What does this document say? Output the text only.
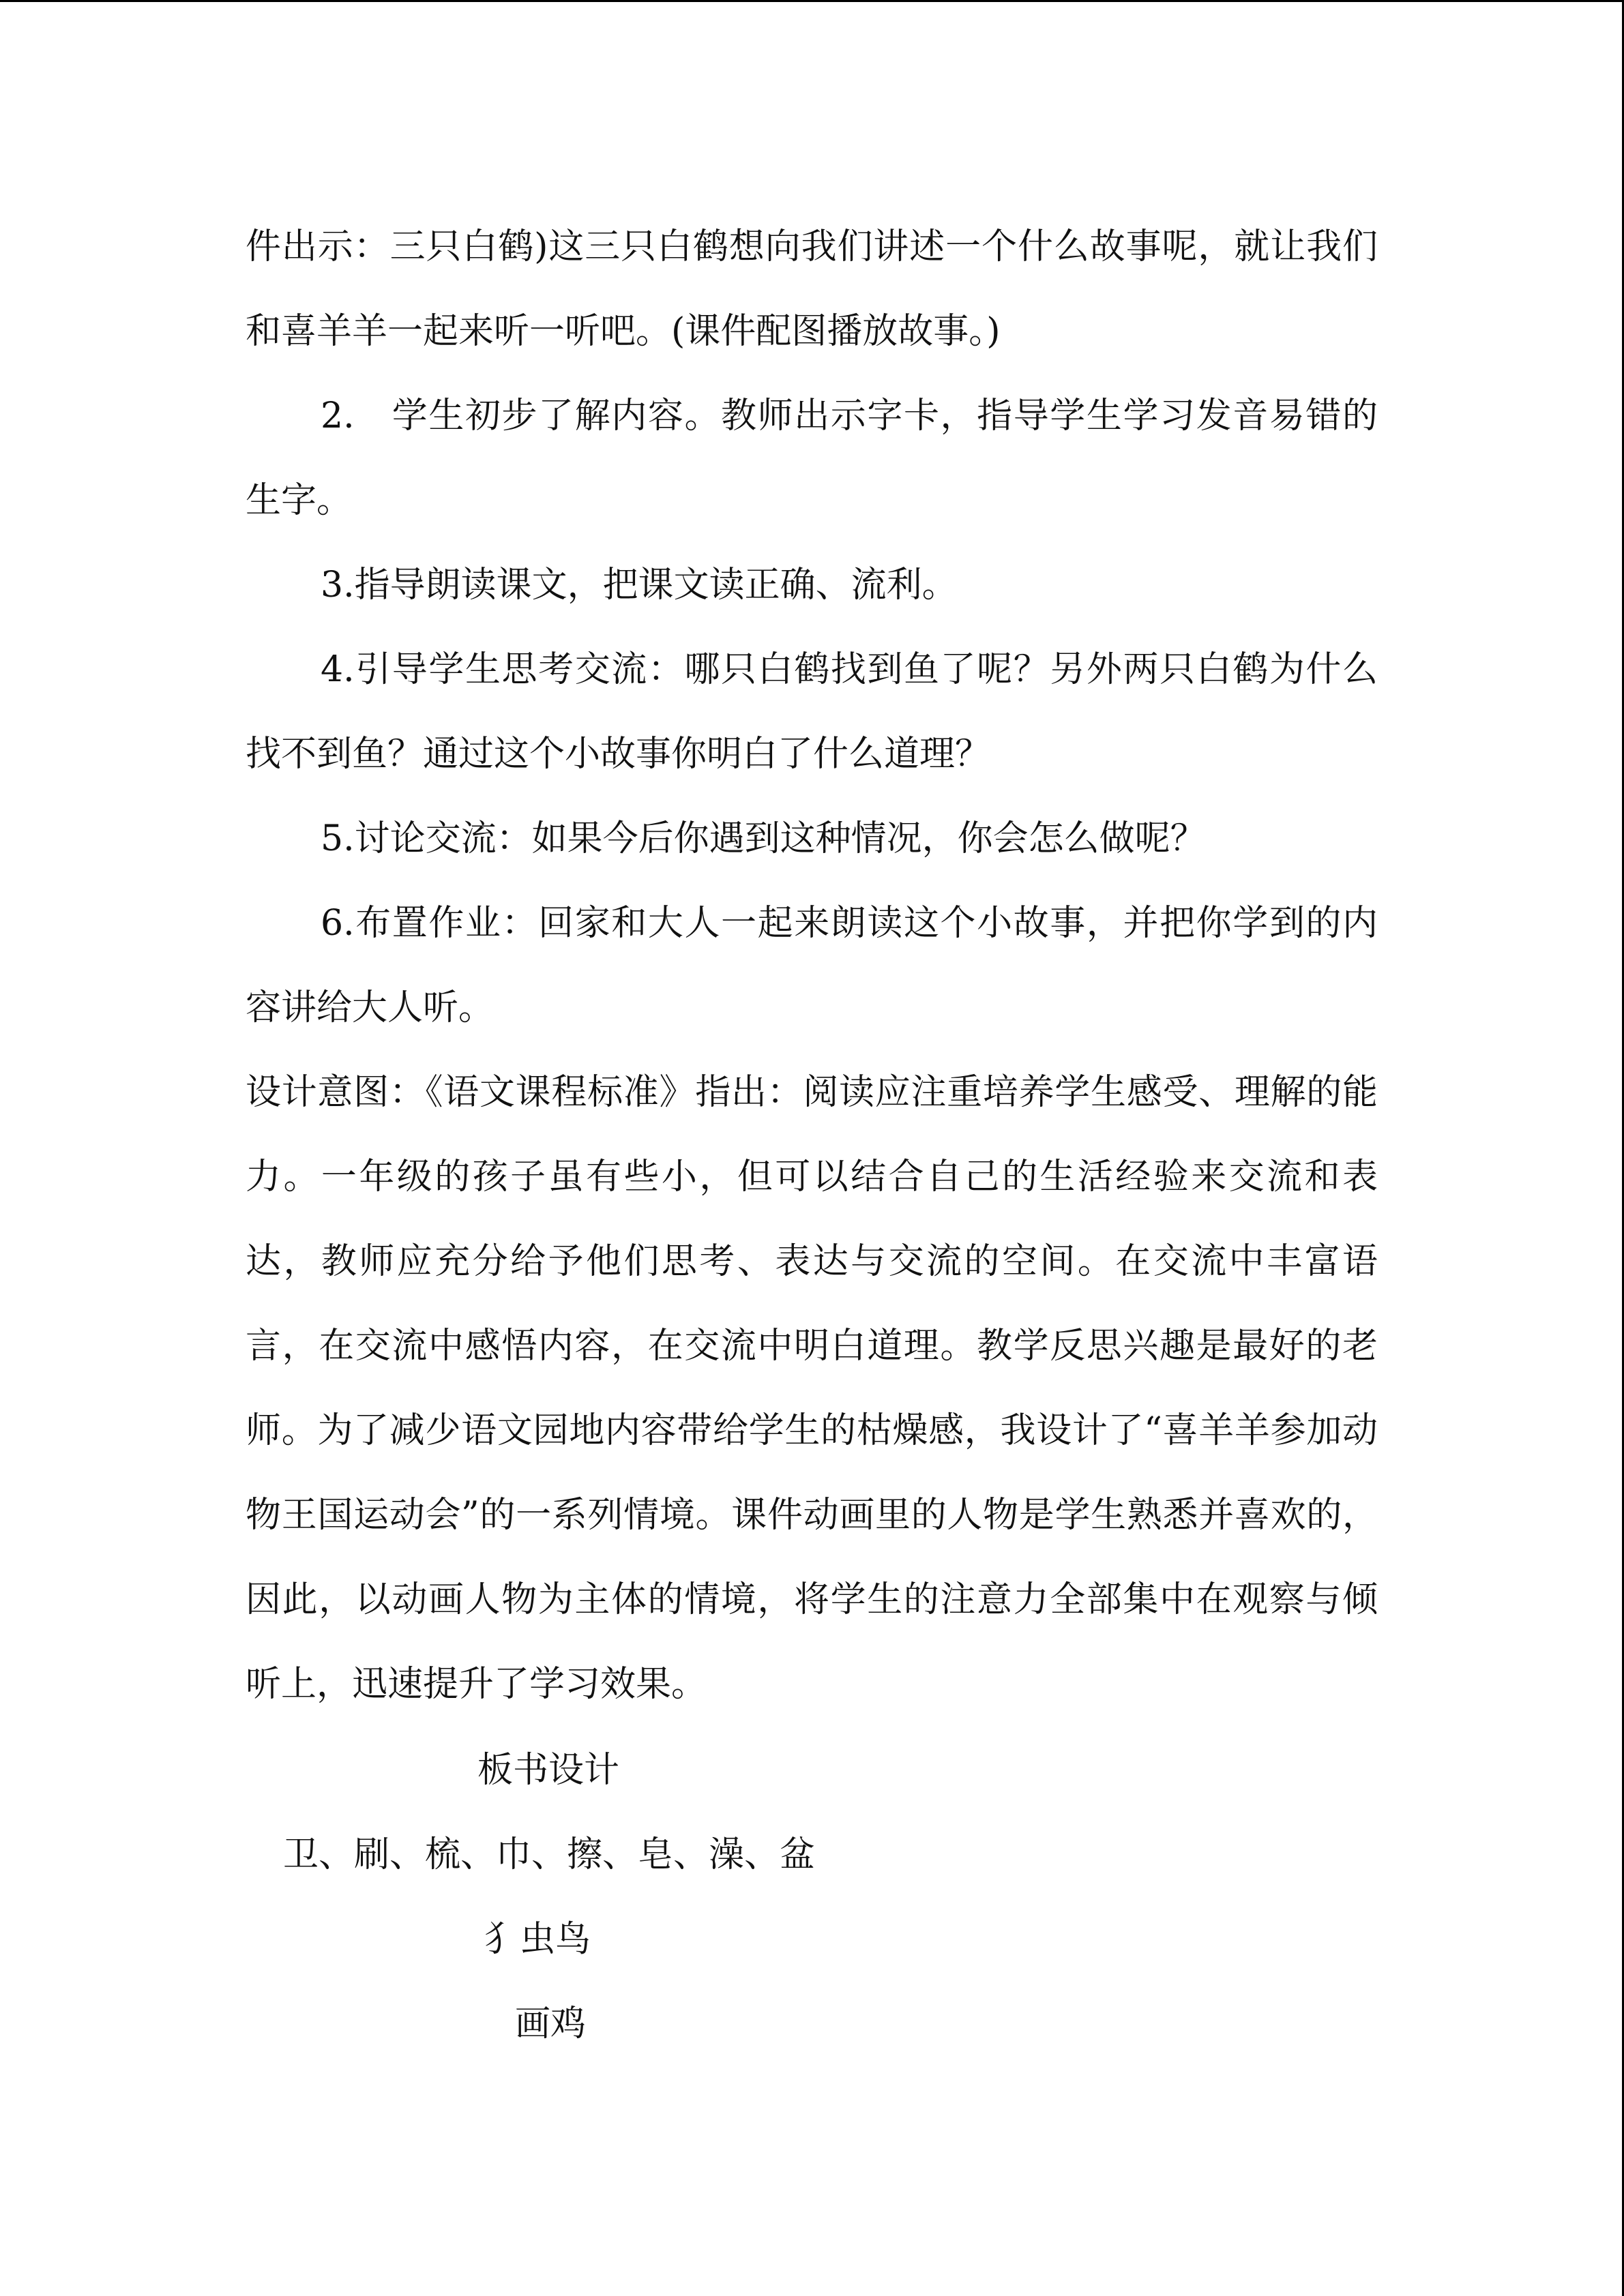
件出示：三只白鹤)这三只白鹤想向我们讲述一个什么故事呢，就让我们和喜羊羊一起来听一听吧。(课件配图播放故事。)

2.　学生初步了解内容。教师出示字卡，指导学生学习发音易错的生字。

3.指导朗读课文，把课文读正确、流利。

4.引导学生思考交流：哪只白鹤找到鱼了呢？另外两只白鹤为什么找不到鱼？通过这个小故事你明白了什么道理？

5.讨论交流：如果今后你遇到这种情况，你会怎么做呢？

6.布置作业：回家和大人一起来朗读这个小故事，并把你学到的内容讲给大人听。

设计意图：《语文课程标准》指出：阅读应注重培养学生感受、理解的能力。一年级的孩子虽有些小，但可以结合自己的生活经验来交流和表达，教师应充分给予他们思考、表达与交流的空间。在交流中丰富语言，在交流中感悟内容，在交流中明白道理。教学反思兴趣是最好的老师。为了减少语文园地内容带给学生的枯燥感，我设计了“喜羊羊参加动物王国运动会”的一系列情境。课件动画里的人物是学生熟悉并喜欢的，因此，以动画人物为主体的情境，将学生的注意力全部集中在观察与倾听上，迅速提升了学习效果。

板书设计
卫、刷、梳、巾、擦、皂、澡、盆
犭虫鸟
画鸡
